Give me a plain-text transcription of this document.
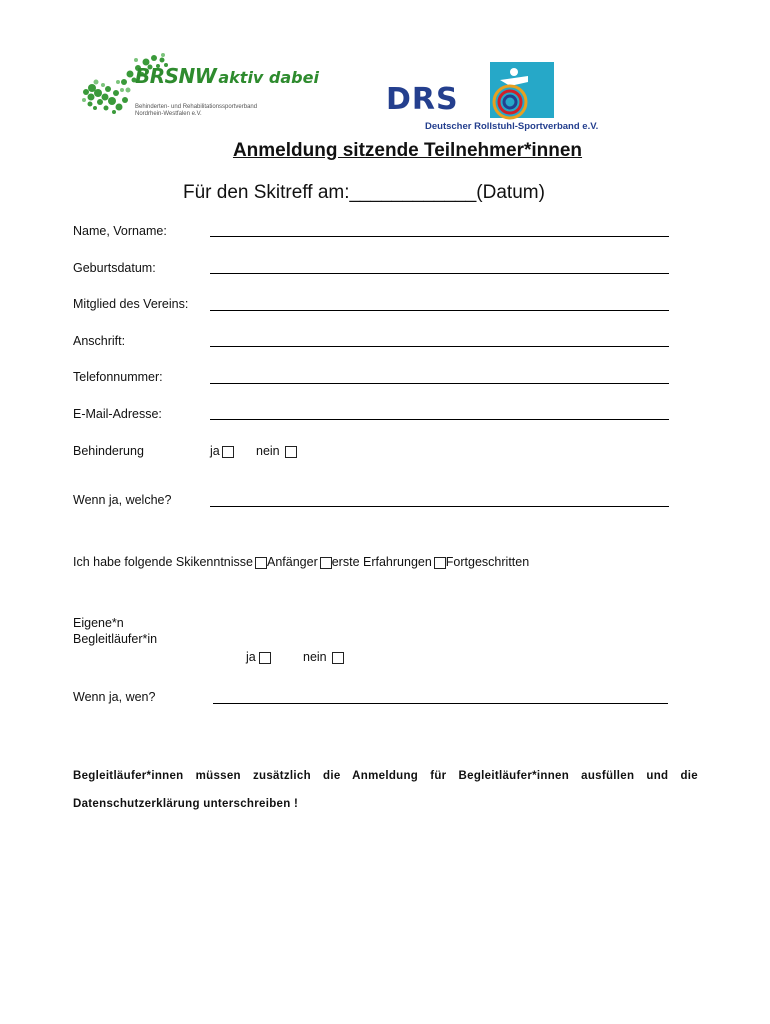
BRSNW aktiv dabei
Behinderten- und Rehabilitationssportverband Nordrhein-Westfalen e.V.	DRS
Deutscher Rollstuhl-Sportverband e.V.
Anmeldung sitzende Teilnehmer*innen
Für den Skitreff am:____________(Datum)
Name, Vorname:
Geburtsdatum:
Mitglied des Vereins:
Anschrift:
Telefonnummer:
E-Mail-Adresse:
Behinderung	ja	nein
Wenn ja, welche?
Ich habe folgende Skikenntnisse Anfänger erste Erfahrungen Fortgeschritten
Eigene*n
Begleitläufer*in
ja	nein
Wenn ja, wen?
Begleitläufer*innen müssen zusätzlich die Anmeldung für Begleitläufer*innen ausfüllen und die Datenschutzerklärung unterschreiben !
